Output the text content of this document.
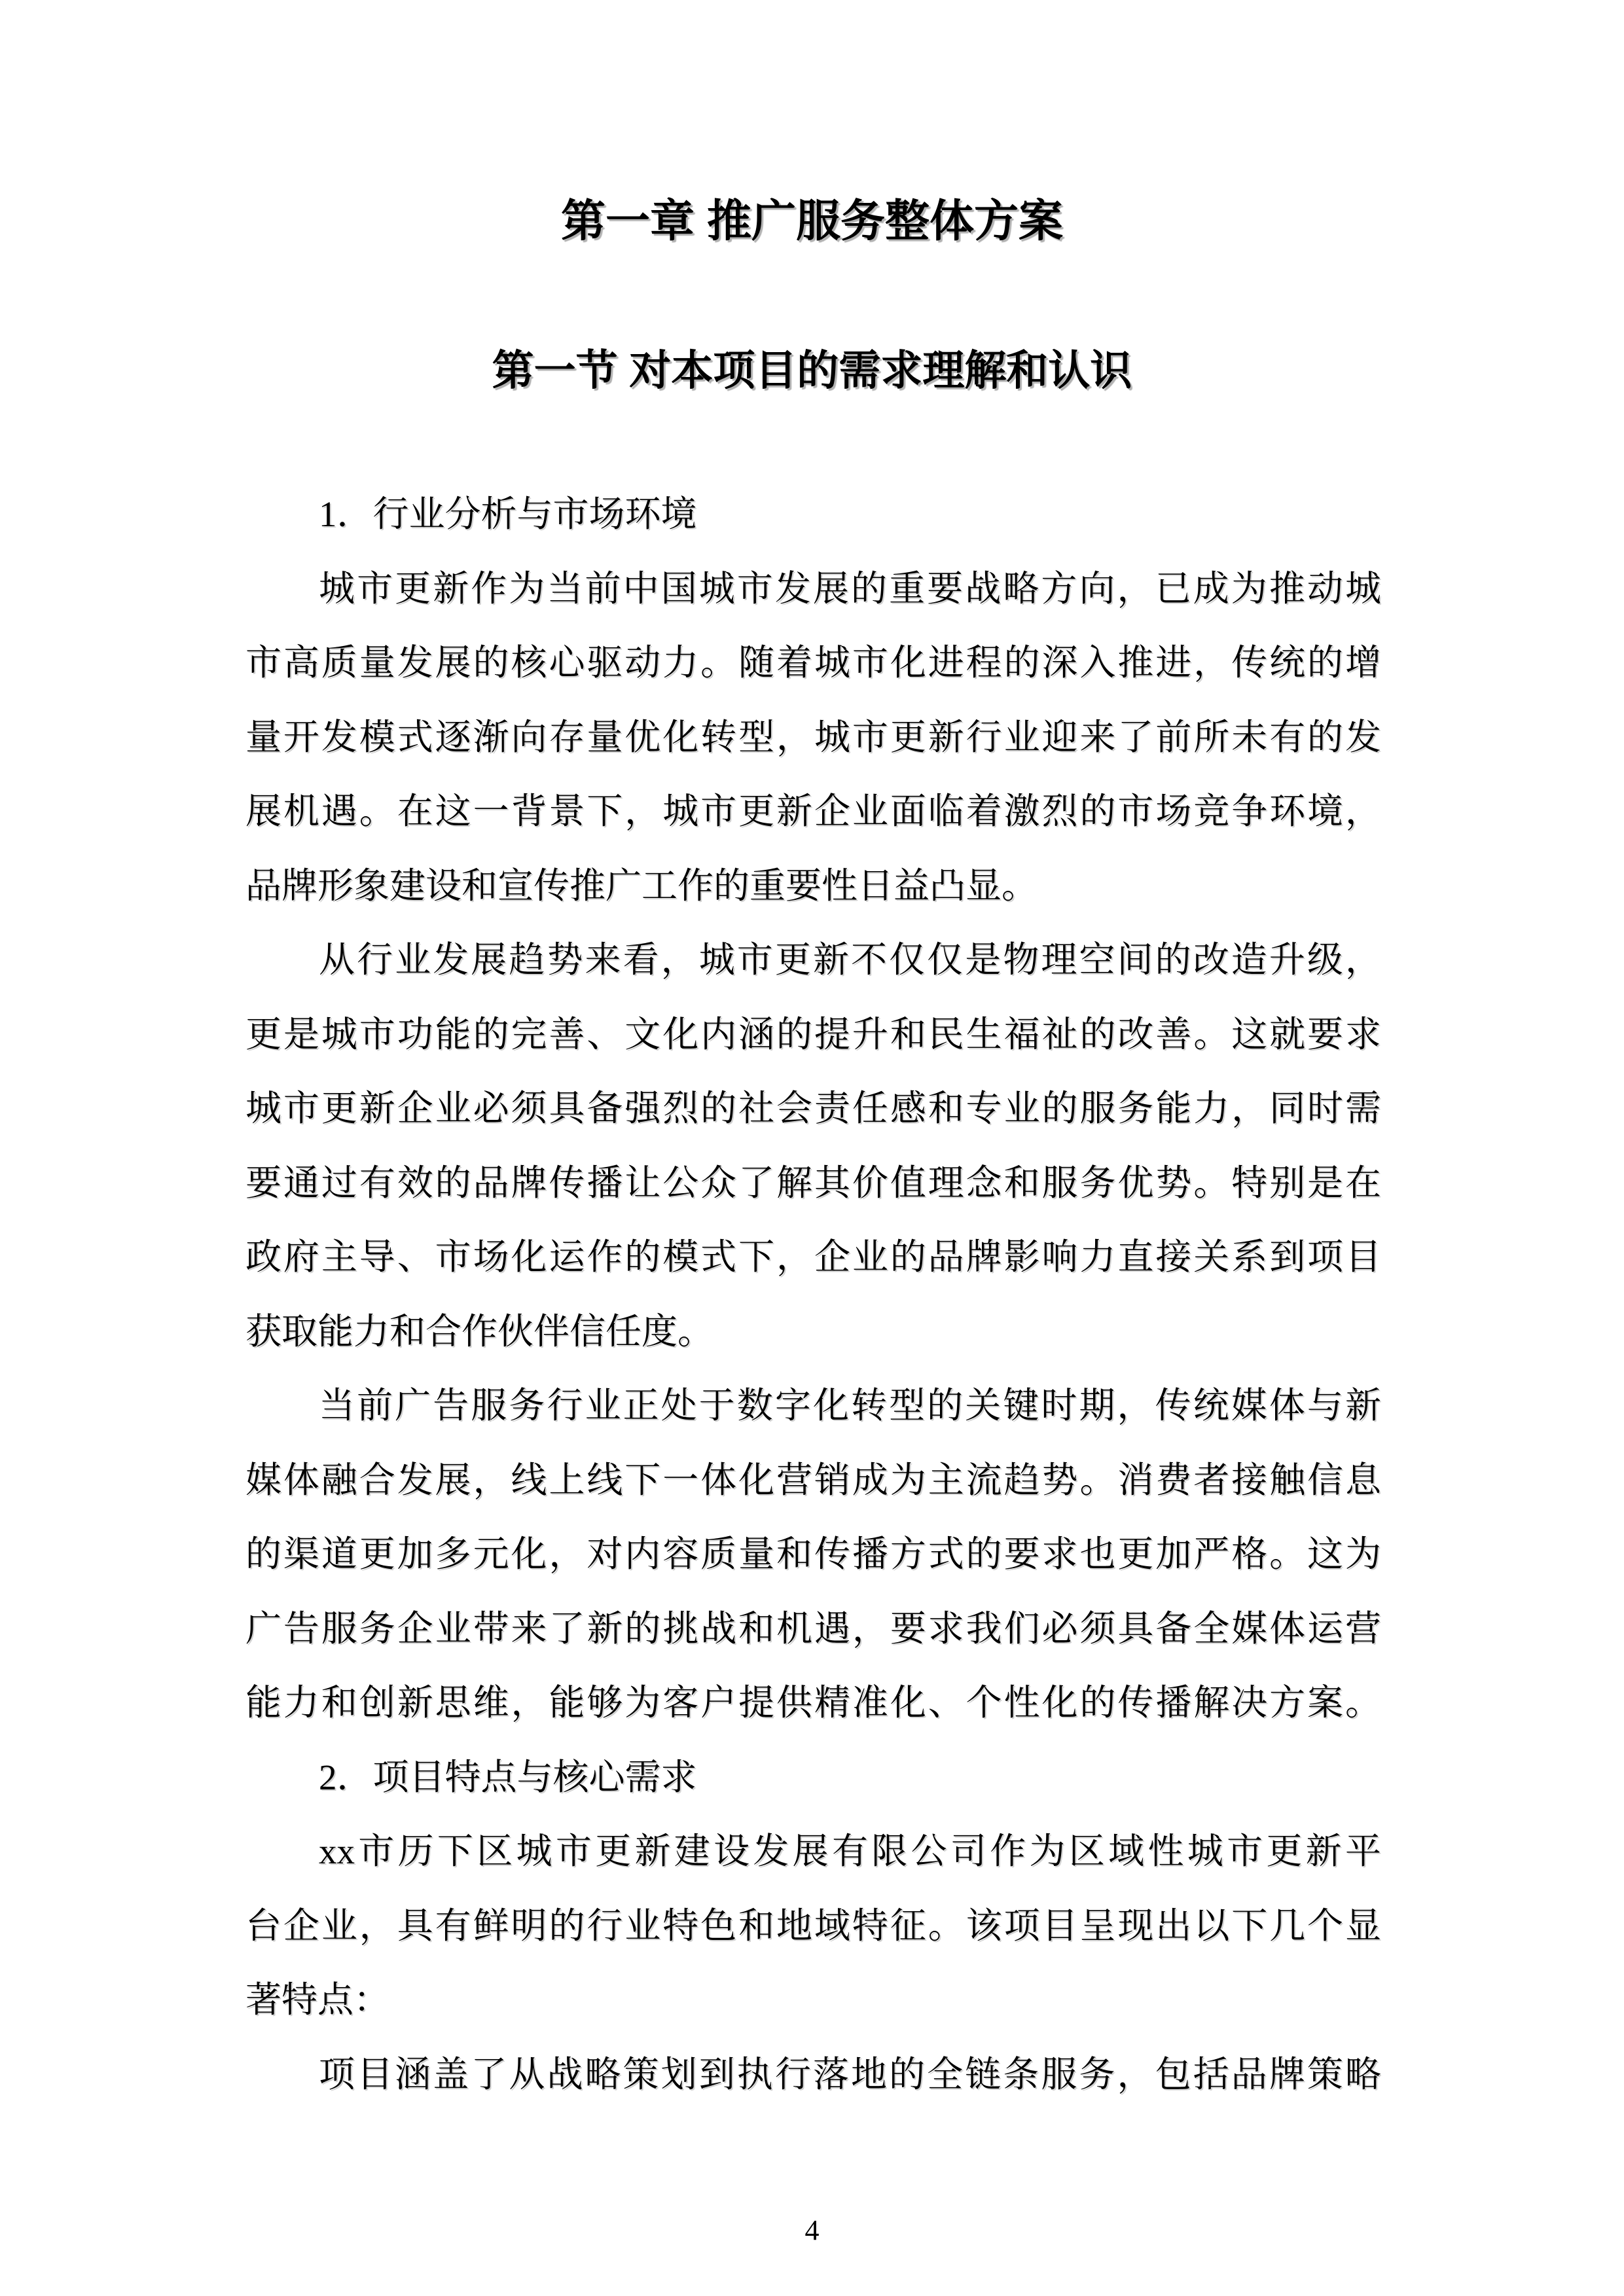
第一章 推广服务整体方案
第一节 对本项目的需求理解和认识
1．行业分析与市场环境
城市更新作为当前中国城市发展的重要战略方向，已成为推动城
市高质量发展的核心驱动力。随着城市化进程的深入推进，传统的增
量开发模式逐渐向存量优化转型，城市更新行业迎来了前所未有的发
展机遇。在这一背景下，城市更新企业面临着激烈的市场竞争环境，
品牌形象建设和宣传推广工作的重要性日益凸显。
从行业发展趋势来看，城市更新不仅仅是物理空间的改造升级，
更是城市功能的完善、文化内涵的提升和民生福祉的改善。这就要求
城市更新企业必须具备强烈的社会责任感和专业的服务能力，同时需
要通过有效的品牌传播让公众了解其价值理念和服务优势。特别是在
政府主导、市场化运作的模式下，企业的品牌影响力直接关系到项目
获取能力和合作伙伴信任度。
当前广告服务行业正处于数字化转型的关键时期，传统媒体与新
媒体融合发展，线上线下一体化营销成为主流趋势。消费者接触信息
的渠道更加多元化，对内容质量和传播方式的要求也更加严格。这为
广告服务企业带来了新的挑战和机遇，要求我们必须具备全媒体运营
能力和创新思维，能够为客户提供精准化、个性化的传播解决方案。
2．项目特点与核心需求
xx市历下区城市更新建设发展有限公司作为区域性城市更新平
台企业，具有鲜明的行业特色和地域特征。该项目呈现出以下几个显
著特点：
项目涵盖了从战略策划到执行落地的全链条服务，包括品牌策略
4
